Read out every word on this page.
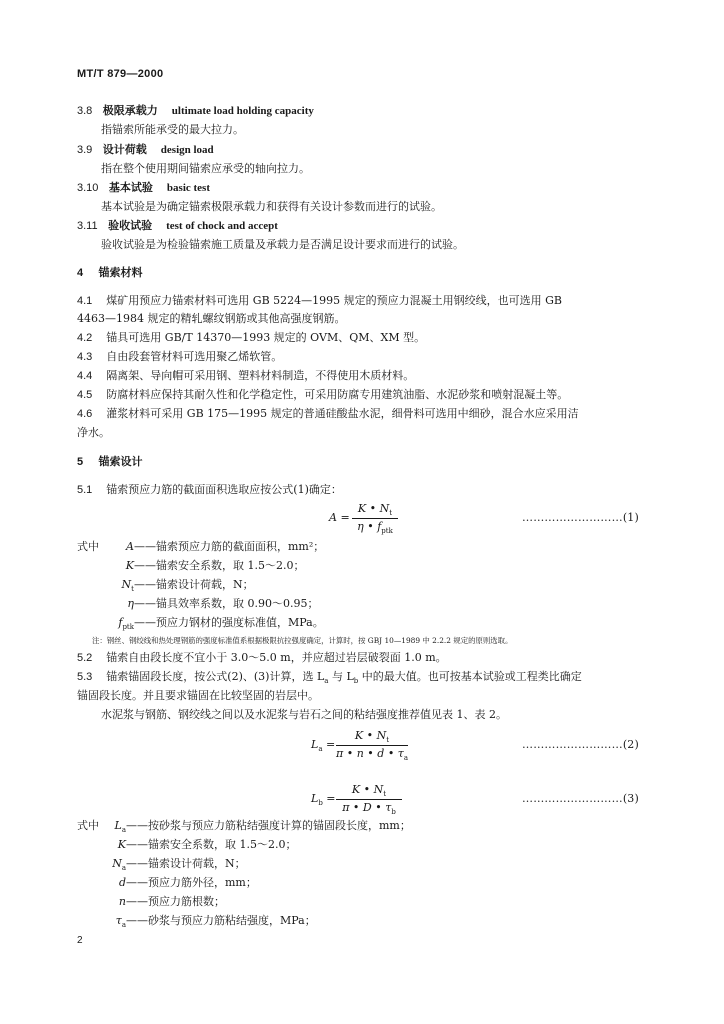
MT/T 879—2000
3.8 极限承载力 ultimate load holding capacity
指锚索所能承受的最大拉力。
3.9 设计荷载 design load
指在整个使用期间锚索应承受的轴向拉力。
3.10 基本试验 basic test
基本试验是为确定锚索极限承载力和获得有关设计参数而进行的试验。
3.11 验收试验 test of chock and accept
验收试验是为检验锚索施工质量及承载力是否满足设计要求而进行的试验。
4 锚索材料
4.1 煤矿用预应力锚索材料可选用 GB 5224—1995 规定的预应力混凝土用钢绞线，也可选用 GB
4463—1984 规定的精轧螺纹钢筋或其他高强度钢筋。
4.2 锚具可选用 GB/T 14370—1993 规定的 OVM、QM、XM 型。
4.3 自由段套管材料可选用聚乙烯软管。
4.4 隔离架、导向帽可采用钢、塑料材料制造，不得使用木质材料。
4.5 防腐材料应保持其耐久性和化学稳定性，可采用防腐专用建筑油脂、水泥砂浆和喷射混凝土等。
4.6 灌浆材料可采用 GB 175—1995 规定的普通硅酸盐水泥，细骨料可选用中细砂，混合水应采用洁
净水。
5 锚索设计
5.1 锚索预应力筋的截面面积选取应按公式(1)确定：
A =
K • $N_t$
η • $f_{ptk}$
………………………(1)
式中	A——锚索预应力筋的截面面积，mm²；
K——锚索安全系数，取 1.5～2.0；
$N_t——$锚索设计荷载，N；
η——锚具效率系数，取 0.90～0.95；
$f_{ptk}——$预应力钢材的强度标准值，MPa。
注：钢丝、钢绞线和热处理钢筋的强度标准值系根据极限抗拉强度确定，计算时，按 GBJ 10—1989 中 2.2.2 规定的原则选取。
5.2 锚索自由段长度不宜小于 3.0～5.0 m，并应超过岩层破裂面 1.0 m。
5.3 锚索锚固段长度，按公式(2)、(3)计算，选 $L_a$ 与 $L_b$ 中的最大值。也可按基本试验或工程类比确定
锚固段长度。并且要求锚固在比较坚固的岩层中。
水泥浆与钢筋、钢绞线之间以及水泥浆与岩石之间的粘结强度推荐值见表 1、表 2。
$L_a$ =
K • $N_t$
π • n • d • $\tau_a$
………………………(2)
$L_b$ =
K • $N_t$
π • D • $\tau_b$
………………………(3)
式中	$L_a——$按砂浆与预应力筋粘结强度计算的锚固段长度，mm；
K——锚索安全系数，取 1.5～2.0；
$N_a——$锚索设计荷载，N；
d——预应力筋外径，mm；
n——预应力筋根数；
$\tau_a——$砂浆与预应力筋粘结强度，MPa；
2
